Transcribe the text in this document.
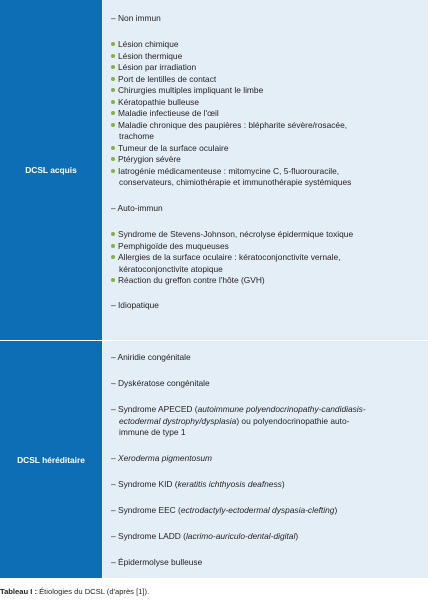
DCSL acquis
– Non immun
Lésion chimique
Lésion thermique
Lésion par irradiation
Port de lentilles de contact
Chirurgies multiples impliquant le limbe
Kératopathie bulleuse
Maladie infectieuse de l'œil
Maladie chronique des paupières : blépharite sévère/rosacée,
trachome
Tumeur de la surface oculaire
Ptérygion sévère
Iatrogénie médicamenteuse : mitomycine C, 5-fluorouracile,
conservateurs, chimiothérapie et immunothérapie systémiques
– Auto-immun
Syndrome de Stevens-Johnson, nécrolyse épidermique toxique
Pemphigoïde des muqueuses
Allergies de la surface oculaire : kératoconjonctivite vernale,
kératoconjonctivite atopique
Réaction du greffon contre l'hôte (GVH)
– Idiopatique
DCSL héréditaire
– Aniridie congénitale
– Dyskératose congénitale
– Syndrome APECED (autoimmune polyendocrinopathy-candidiasis-
ectodermal dystrophy/dysplasia) ou polyendocrinopathie auto-
immune de type 1
– Xeroderma pigmentosum
– Syndrome KID (keratitis ichthyosis deafness)
– Syndrome EEC (ectrodactyly-ectodermal dyspasia-clefting)
– Syndrome LADD (lacrimo-auriculo-dental-digital)
– Épidermolyse bulleuse
Tableau I : Étiologies du DCSL (d'après [1]).
